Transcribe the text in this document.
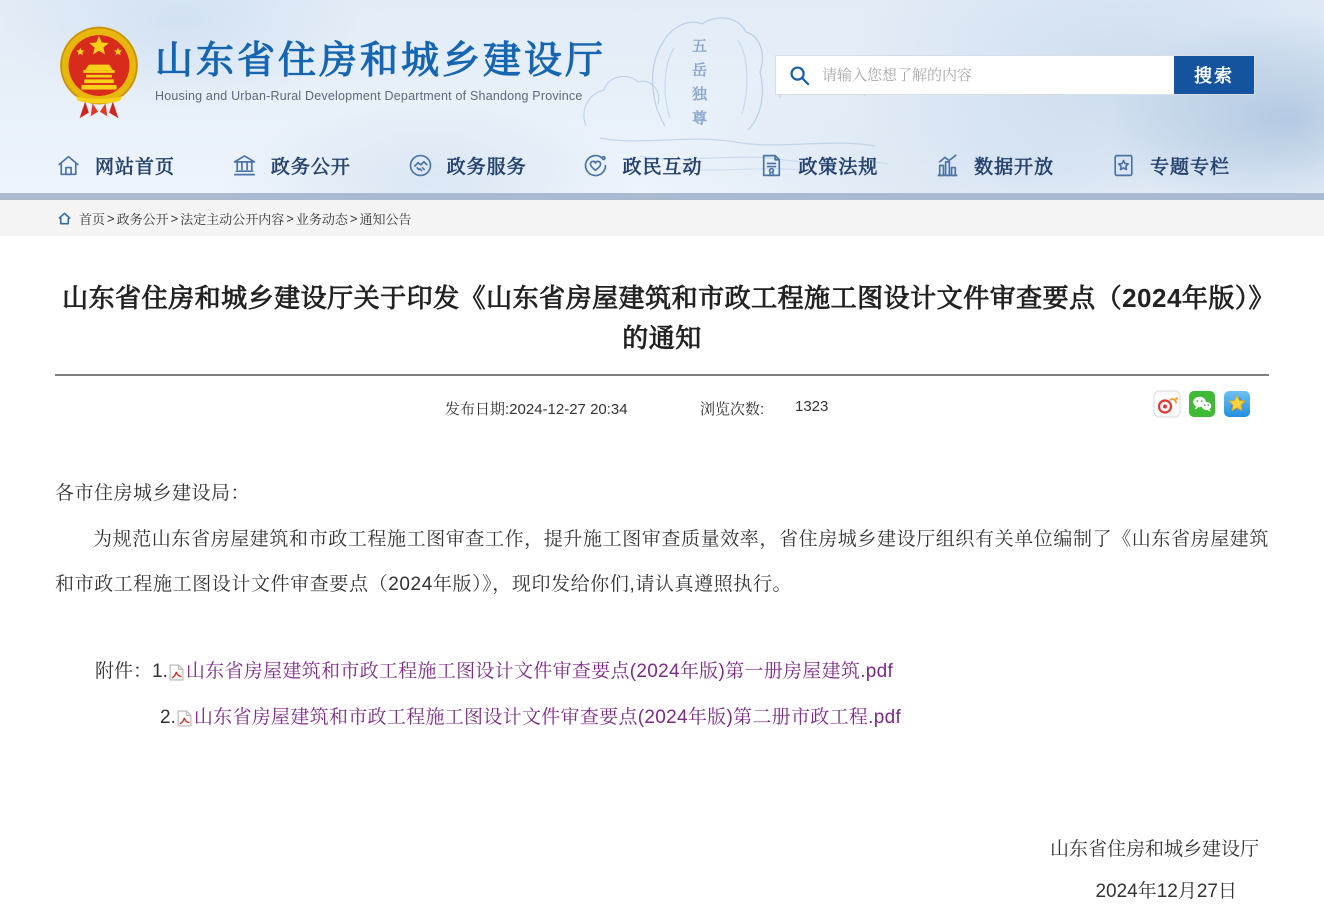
五岳独尊
山东省住房和城乡建设厅
Housing and Urban-Rural Development Department of Shandong Province
请输入您想了解的内容
搜索
网站首页	政务公开	政务服务	政民互动	政策法规	数据开放	专题专栏
首页 > 政务公开 > 法定主动公开内容 > 业务动态 > 通知公告
山东省住房和城乡建设厅关于印发《山东省房屋建筑和市政工程施工图设计文件审查要点（2024年版）》的通知
发布日期:2024-12-27 20:34	浏览次数: 1323

各市住房城乡建设局：

为规范山东省房屋建筑和市政工程施工图审查工作，提升施工图审查质量效率，省住房城乡建设厅组织有关单位编制了《山东省房屋建筑和市政工程施工图设计文件审查要点（2024年版）》，现印发给你们,请认真遵照执行。

附件： 1. 山东省房屋建筑和市政工程施工图设计文件审查要点(2024年版)第一册房屋建筑.pdf
2. 山东省房屋建筑和市政工程施工图设计文件审查要点(2024年版)第二册市政工程.pdf

山东省住房和城乡建设厅

2024年12月27日
